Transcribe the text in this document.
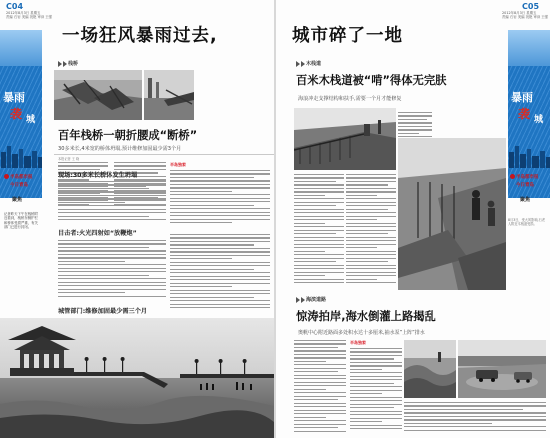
C04
2012年8月3日 星期五
责编 石岩 美编 祝艳 审读 王强
暴雨
袭 城
半岛都市报
今日青岛
聚焦
记者昨天下午在栈桥附近看到，栈桥东侧护栏和桥体受损严重，有关部门已进行封闭。
栈桥
百年栈桥一朝折腰成“断桥”
30多米长,4米宽的桥体坍塌,预计维修加固最少需3个月
本报记者 王 晓
半岛独家
现场:30多米长桥体发生坍塌
目击者:火光四射如“放鞭炮”
城管部门:维修加固最少需三个月
C05
2012年8月3日 星期五
责编 石岩 美编 祝艳 审读 王强
暴雨
袭 城
半岛都市报
今日青岛
聚焦
木栈道
百米木栈道被“啃”得体无完肤
海浪冲走支撑结构和扶手,需要一个月才能修复
8月3日，受大风影响,石老人附近木栈道受损。
海滨道路
惊涛拍岸,海水倒灌上路揭乱
奥帆中心附近路面多处积水达十多厘米,抽水泵”上阵”排水
半岛独家
一场狂风暴雨过去,	城市碎了一地
